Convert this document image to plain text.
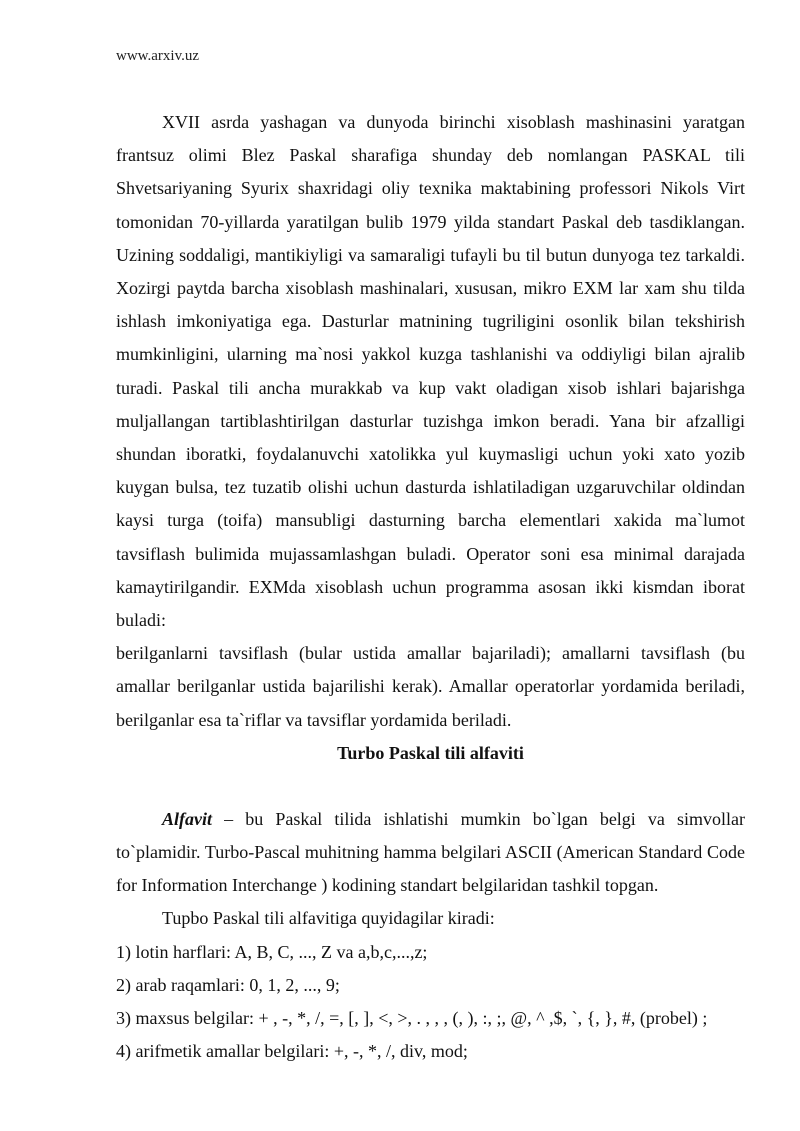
www.arxiv.uz

XVII asrda yashagan va dunyoda birinchi xisoblash mashinasini yaratgan frantsuz olimi Blez Paskal sharafiga shunday deb nomlangan PASKAL tili Shvetsariyaning Syurix shaxridagi oliy texnika maktabining professori Nikols Virt tomonidan 70-yillarda yaratilgan bulib 1979 yilda standart Paskal deb tasdiklangan. Uzining soddaligi, mantikiyligi va samaraligi tufayli bu til butun dunyoga tez tarkaldi. Xozirgi paytda barcha xisoblash mashinalari, xususan, mikro EXM lar xam shu tilda ishlash imkoniyatiga ega. Dasturlar matnining tugriligini osonlik bilan tekshirish mumkinligini, ularning ma`nosi yakkol kuzga tashlanishi va oddiyligi bilan ajralib turadi. Paskal tili ancha murakkab va kup vakt oladigan xisob ishlari bajarishga muljallangan tartiblashtirilgan dasturlar tuzishga imkon beradi. Yana bir afzalligi shundan iboratki, foydalanuvchi xatolikka yul kuymasligi uchun yoki xato yozib kuygan bulsa, tez tuzatib olishi uchun dasturda ishlatiladigan uzgaruvchilar oldindan kaysi turga (toifa) mansubligi dasturning barcha elementlari xakida ma`lumot tavsiflash bulimida mujassamlashgan buladi. Operator soni esa minimal darajada kamaytirilgandir. EXMda xisoblash uchun programma asosan ikki kismdan iborat buladi:

berilganlarni tavsiflash (bular ustida amallar bajariladi); amallarni tavsiflash (bu amallar berilganlar ustida bajarilishi kerak). Amallar operatorlar yordamida beriladi, berilganlar esa ta`riflar va tavsiflar yordamida beriladi.

Turbo Paskal tili alfaviti

Alfavit – bu Paskal tilida ishlatishi mumkin bo`lgan belgi va simvollar to`plamidir. Turbo-Pascal muhitning hamma belgilari ASCII (American Standard Code for Information Interchange ) kodining standart belgilaridan tashkil topgan.

Tupbo Paskal tili alfavitiga quyidagilar kiradi:

1) lotin harflari: A, B, C, ..., Z va a,b,c,...,z;

2) arab raqamlari: 0, 1, 2, ..., 9;

3) maxsus belgilar: + , -, *, /, =, [, ], <, >, . , , , (, ), :, ;, @, ^ ,$, `, {, }, #, (probel) ;

4) arifmetik amallar belgilari: +, -, *, /, div, mod;
